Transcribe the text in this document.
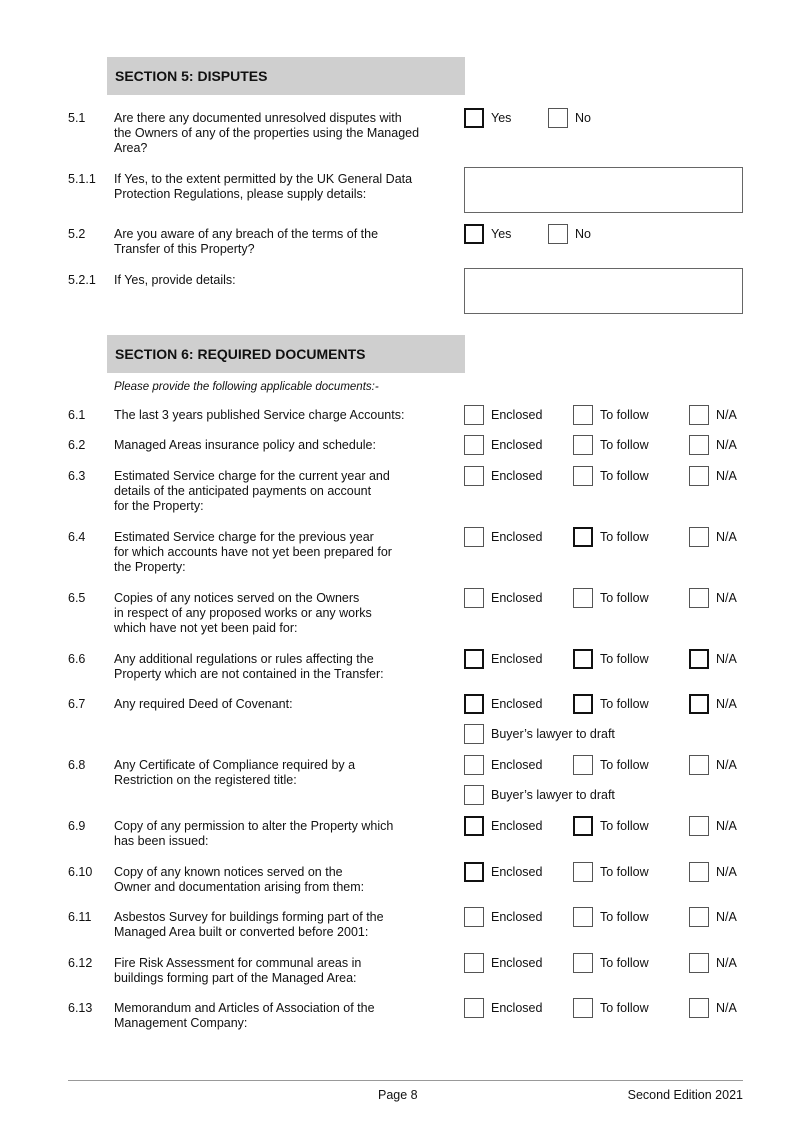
SECTION 5: DISPUTES
5.1 Are there any documented unresolved disputes with
the Owners of any of the properties using the Managed
Area?
Yes	No
5.1.1 If Yes, to the extent permitted by the UK General Data
Protection Regulations, please supply details:
5.2 Are you aware of any breach of the terms of the
Transfer of this Property?
Yes	No
5.2.1 If Yes, provide details:
SECTION 6: REQUIRED DOCUMENTS
Please provide the following applicable documents:-
6.1 The last 3 years published Service charge Accounts:	Enclosed	To follow	N/A
6.2 Managed Areas insurance policy and schedule:	Enclosed	To follow	N/A
6.3 Estimated Service charge for the current year and
details of the anticipated payments on account
for the Property:
Enclosed	To follow	N/A
6.4 Estimated Service charge for the previous year
for which accounts have not yet been prepared for
the Property:
Enclosed	To follow	N/A
6.5 Copies of any notices served on the Owners
in respect of any proposed works or any works
which have not yet been paid for:
Enclosed	To follow	N/A
6.6 Any additional regulations or rules affecting the
Property which are not contained in the Transfer:
Enclosed	To follow	N/A
6.7 Any required Deed of Covenant:	Enclosed	To follow	N/A
Buyer’s lawyer to draft
6.8 Any Certificate of Compliance required by a
Restriction on the registered title:
Enclosed	To follow	N/A
Buyer’s lawyer to draft
6.9 Copy of any permission to alter the Property which
has been issued:
Enclosed	To follow	N/A
6.10 Copy of any known notices served on the
Owner and documentation arising from them:
Enclosed	To follow	N/A
6.11 Asbestos Survey for buildings forming part of the
Managed Area built or converted before 2001:
Enclosed	To follow	N/A
6.12 Fire Risk Assessment for communal areas in
buildings forming part of the Managed Area:
Enclosed	To follow	N/A
6.13 Memorandum and Articles of Association of the
Management Company:
Enclosed	To follow	N/A
Page 8	Second Edition 2021
